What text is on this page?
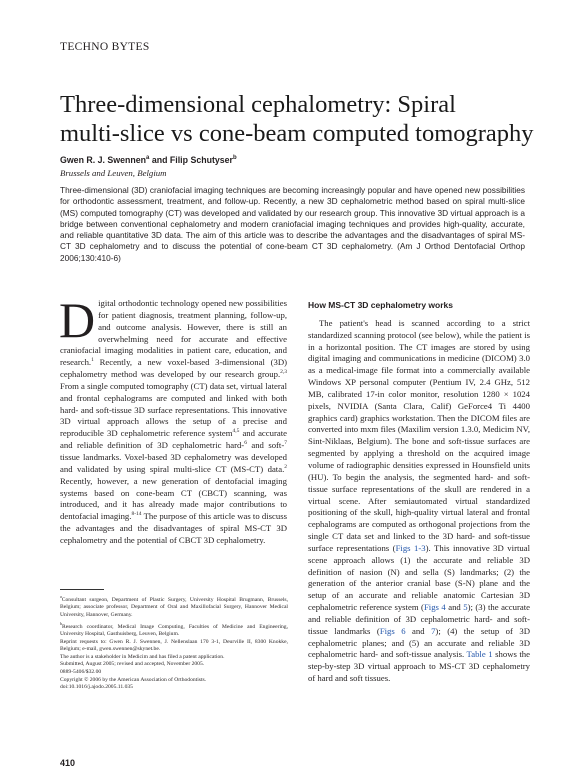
TECHNO BYTES
Three-dimensional cephalometry: Spiral
multi-slice vs cone-beam computed tomography
Gwen R. J. Swennen$^a$ and Filip Schutyser$^b$
Brussels and Leuven, Belgium
Three-dimensional (3D) craniofacial imaging techniques are becoming increasingly popular and have opened new possibilities for orthodontic assessment, treatment, and follow-up. Recently, a new 3D cephalometric method based on spiral multi-slice (MS) computed tomography (CT) was developed and validated by our research group. This innovative 3D virtual approach is a bridge between conventional cephalometry and modern craniofacial imaging techniques and provides high-quality, accurate, and reliable quantitative 3D data. The aim of this article was to describe the advantages and the disadvantages of spiral MS-CT 3D cephalometry and to discuss the potential of cone-beam CT 3D cephalometry. (Am J Orthod Dentofacial Orthop 2006;130:410-6)

Digital orthodontic technology opened new possibilities for patient diagnosis, treatment planning, follow-up, and outcome analysis. However, there is still an overwhelming need for accurate and effective craniofacial imaging modalities in patient care, education, and research.$^1$ Recently, a new voxel-based 3-dimensional (3D) cephalometry method was developed by our research group.$^{2,3}$ From a single computed tomography (CT) data set, virtual lateral and frontal cephalograms are computed and linked with both hard- and soft-tissue 3D surface representations. This innovative 3D virtual approach allows the setup of a precise and reproducible 3D cephalometric reference system$^{4,5}$ and accurate and reliable definition of 3D cephalometric hard-$^6$ and soft-$^7$ tissue landmarks. Voxel-based 3D cephalometry was developed and validated by using spiral multi-slice CT (MS-CT) data.$^2$ Recently, however, a new generation of dentofacial imaging systems based on cone-beam CT (CBCT) scanning, was introduced, and it has already made major contributions to dentofacial imaging.$^{8-14}$ The purpose of this article was to discuss the advantages and the disadvantages of spiral MS-CT 3D cephalometry and the potential of CBCT 3D cephalometry.

$^a$Consultant surgeon, Department of Plastic Surgery, University Hospital Brugmann, Brussels, Belgium; associate professor, Department of Oral and Maxillofacial Surgery, Hannover Medical University, Hannover, Germany.
$^b$Research coordinator, Medical Image Computing, Faculties of Medicine and Engineering, University Hospital, Gasthuisberg, Leuven, Belgium.
Reprint requests to: Gwen R. J. Swennen, J. Nellenslaan 170 3-1, Deurville II, 8300 Knokke, Belgium; e-mail, gwen.swennen@skynet.be.
The author is a stakeholder in Medicim and has filed a patent application.
Submitted, August 2005; revised and accepted, November 2005.
0889-5406/$32.00
Copyright © 2006 by the American Association of Orthodontists.
doi:10.1016/j.ajodo.2005.11.035
How MS-CT 3D cephalometry works

The patient's head is scanned according to a strict standardized scanning protocol (see below), while the patient is in a horizontal position. The CT images are stored by using digital imaging and communications in medicine (DICOM) 3.0 as a medical-image file format into a commercially available Windows XP personal computer (Pentium IV, 2.4 GHz, 512 MB, calibrated 17-in color monitor, resolution 1280 × 1024 pixels, NVIDIA (Santa Clara, Calif) GeForce4 Ti 4400 graphics card) graphics workstation. Then the DICOM files are converted into mxm files (Maxilim version 1.3.0, Medicim NV, Sint-Niklaas, Belgium). The bone and soft-tissue surfaces are segmented by applying a threshold on the acquired image volume of radiographic densities expressed in Hounsfield units (HU). To begin the analysis, the segmented hard- and soft-tissue surface representations of the skull are rendered in a virtual scene. After semiautomated virtual standardized positioning of the skull, high-quality virtual lateral and frontal cephalograms are computed as orthogonal projections from the single CT data set and linked to the 3D hard- and soft-tissue surface representations (Figs 1-3). This innovative 3D virtual scene approach allows (1) the accurate and reliable 3D definition of nasion (N) and sella (S) landmarks; (2) the generation of the anterior cranial base (S-N) plane and the setup of an accurate and reliable anatomic Cartesian 3D cephalometric reference system (Figs 4 and 5); (3) the accurate and reliable definition of 3D cephalometric hard- and soft-tissue landmarks (Figs 6 and 7); (4) the setup of 3D cephalometric planes; and (5) an accurate and reliable 3D cephalometric hard- and soft-tissue analysis. Table 1 shows the step-by-step 3D virtual approach to MS-CT 3D cephalometry of hard and soft tissues.

410
